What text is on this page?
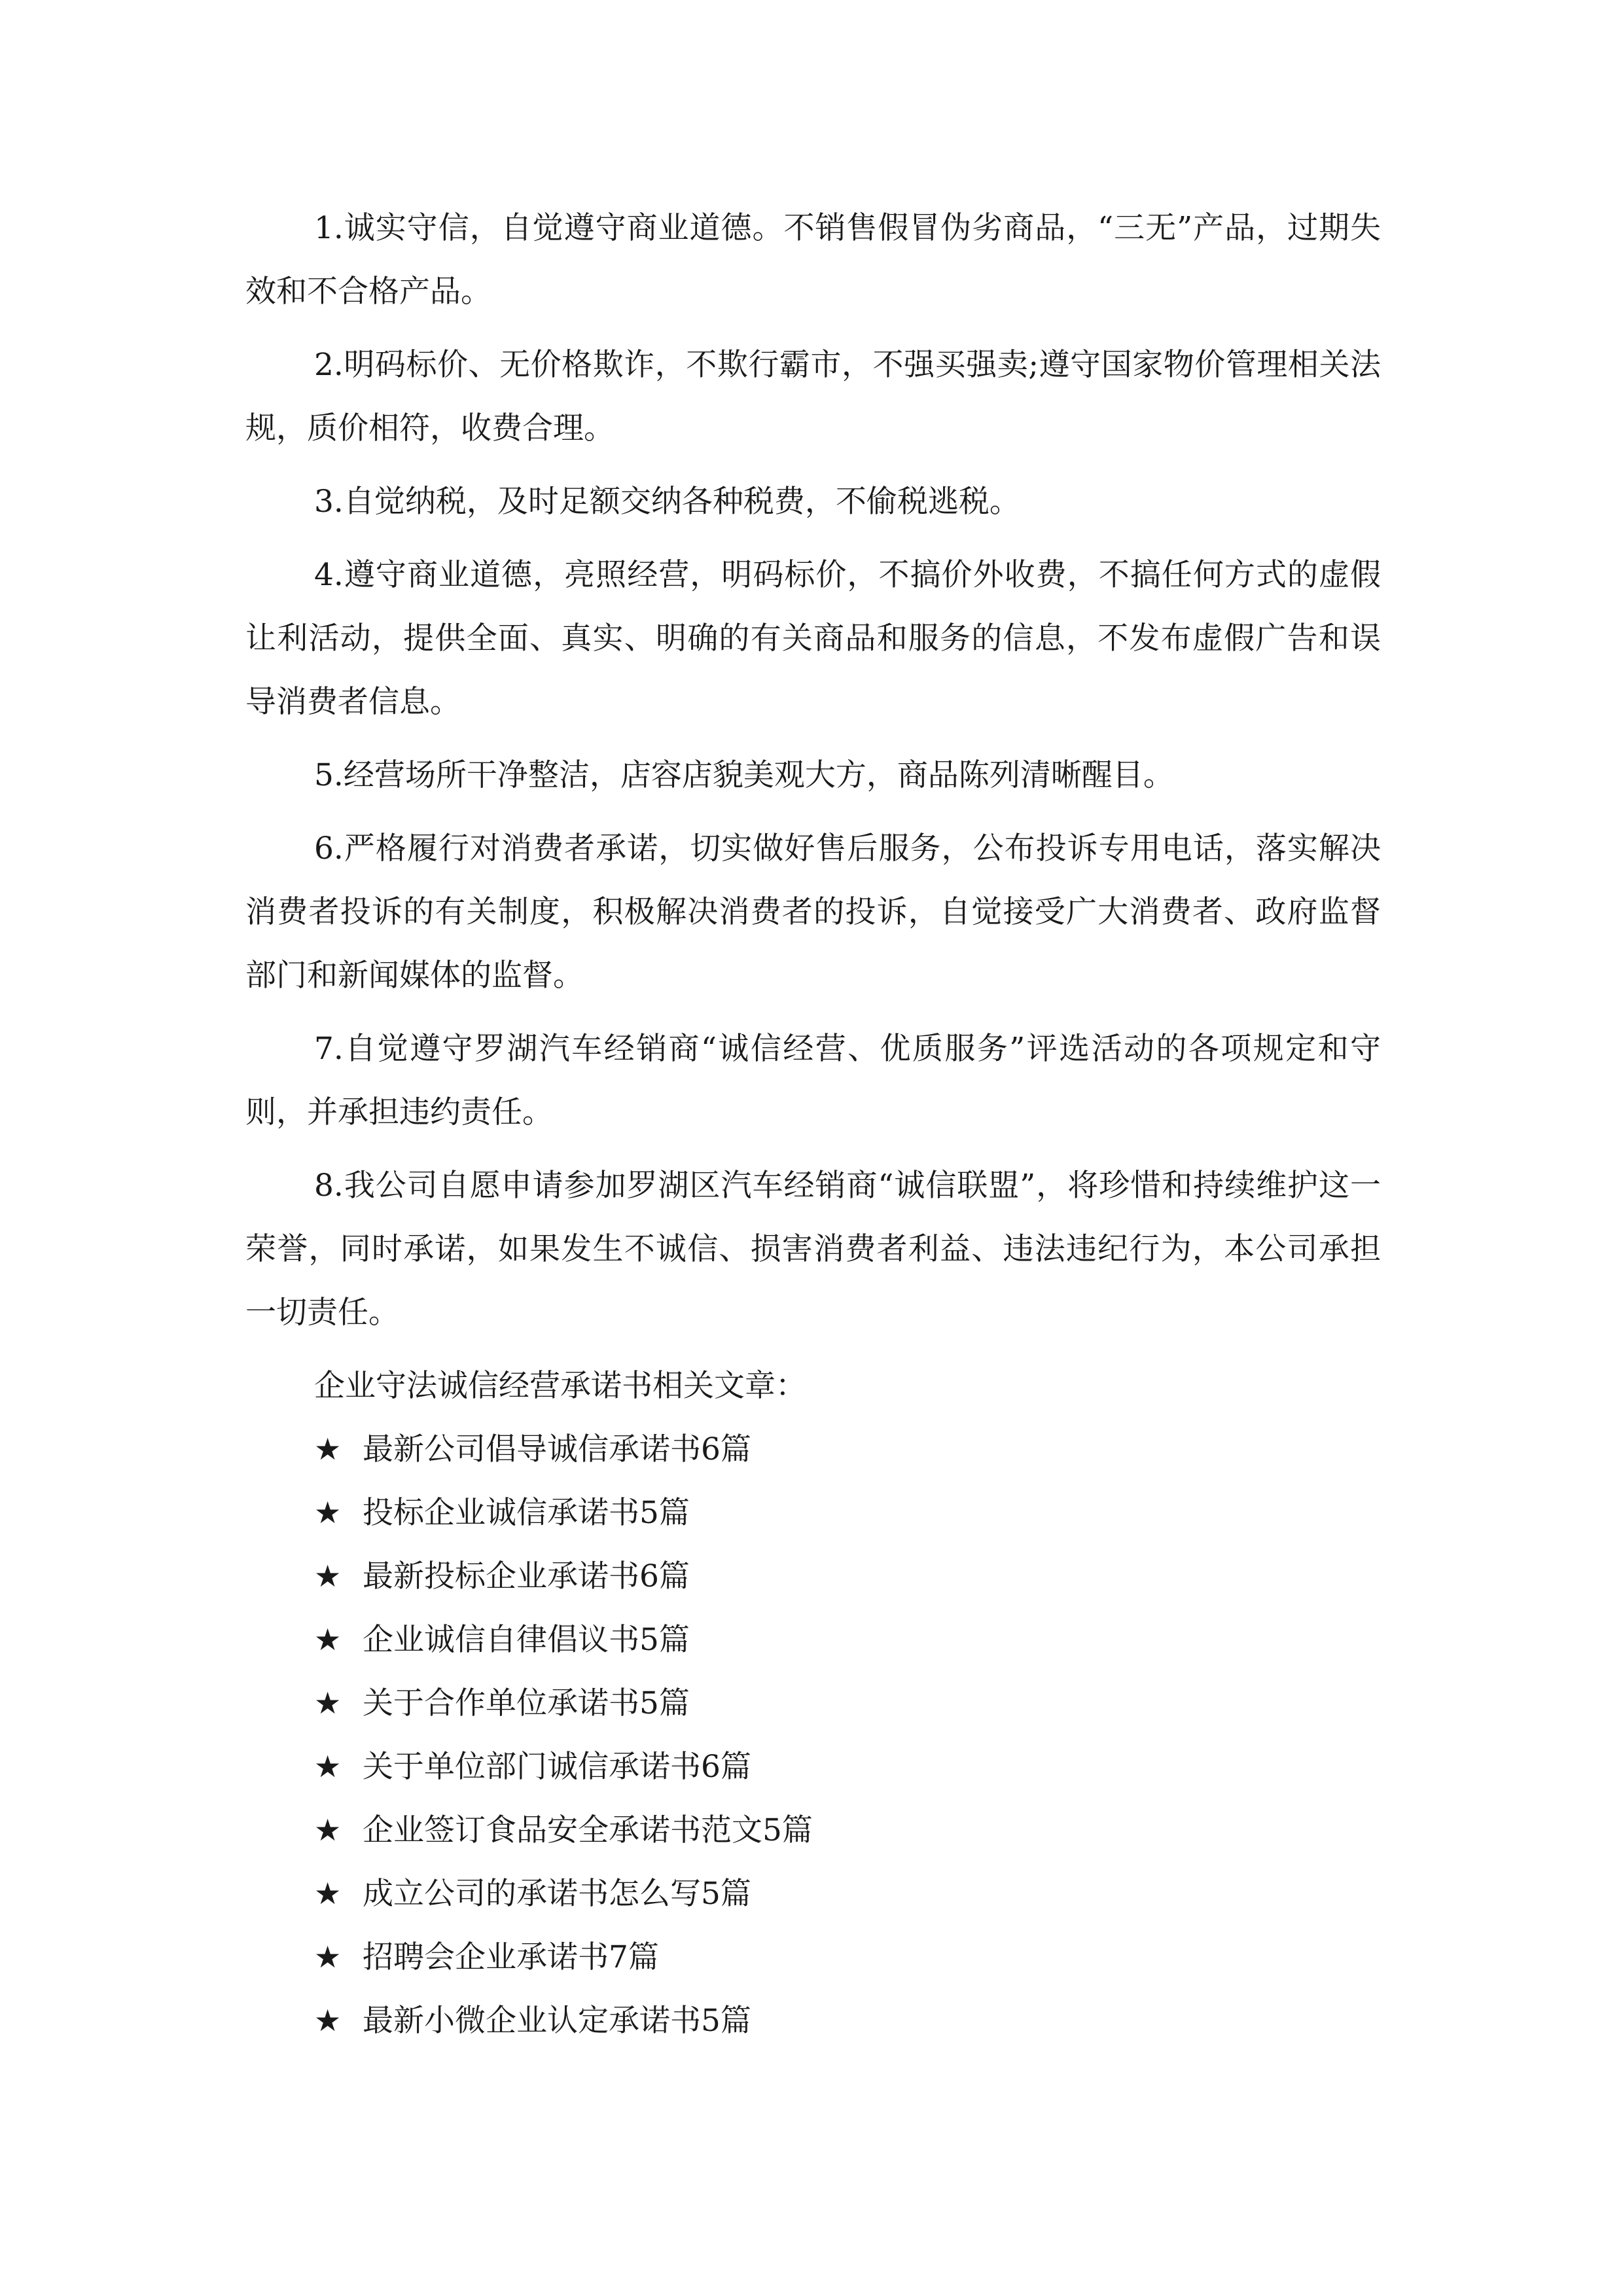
1.诚实守信，自觉遵守商业道德。不销售假冒伪劣商品，“三无”产品，过期失效和不合格产品。

2.明码标价、无价格欺诈，不欺行霸市，不强买强卖;遵守国家物价管理相关法规，质价相符，收费合理。

3.自觉纳税，及时足额交纳各种税费，不偷税逃税。

4.遵守商业道德，亮照经营，明码标价，不搞价外收费，不搞任何方式的虚假让利活动，提供全面、真实、明确的有关商品和服务的信息，不发布虚假广告和误导消费者信息。

5.经营场所干净整洁，店容店貌美观大方，商品陈列清晰醒目。

6.严格履行对消费者承诺，切实做好售后服务，公布投诉专用电话，落实解决消费者投诉的有关制度，积极解决消费者的投诉，自觉接受广大消费者、政府监督部门和新闻媒体的监督。

7.自觉遵守罗湖汽车经销商“诚信经营、优质服务”评选活动的各项规定和守则，并承担违约责任。

8.我公司自愿申请参加罗湖区汽车经销商“诚信联盟”，将珍惜和持续维护这一荣誉，同时承诺，如果发生不诚信、损害消费者利益、违法违纪行为，本公司承担一切责任。

企业守法诚信经营承诺书相关文章：

★ 最新公司倡导诚信承诺书6篇
★ 投标企业诚信承诺书5篇
★ 最新投标企业承诺书6篇
★ 企业诚信自律倡议书5篇
★ 关于合作单位承诺书5篇
★ 关于单位部门诚信承诺书6篇
★ 企业签订食品安全承诺书范文5篇
★ 成立公司的承诺书怎么写5篇
★ 招聘会企业承诺书7篇
★ 最新小微企业认定承诺书5篇
